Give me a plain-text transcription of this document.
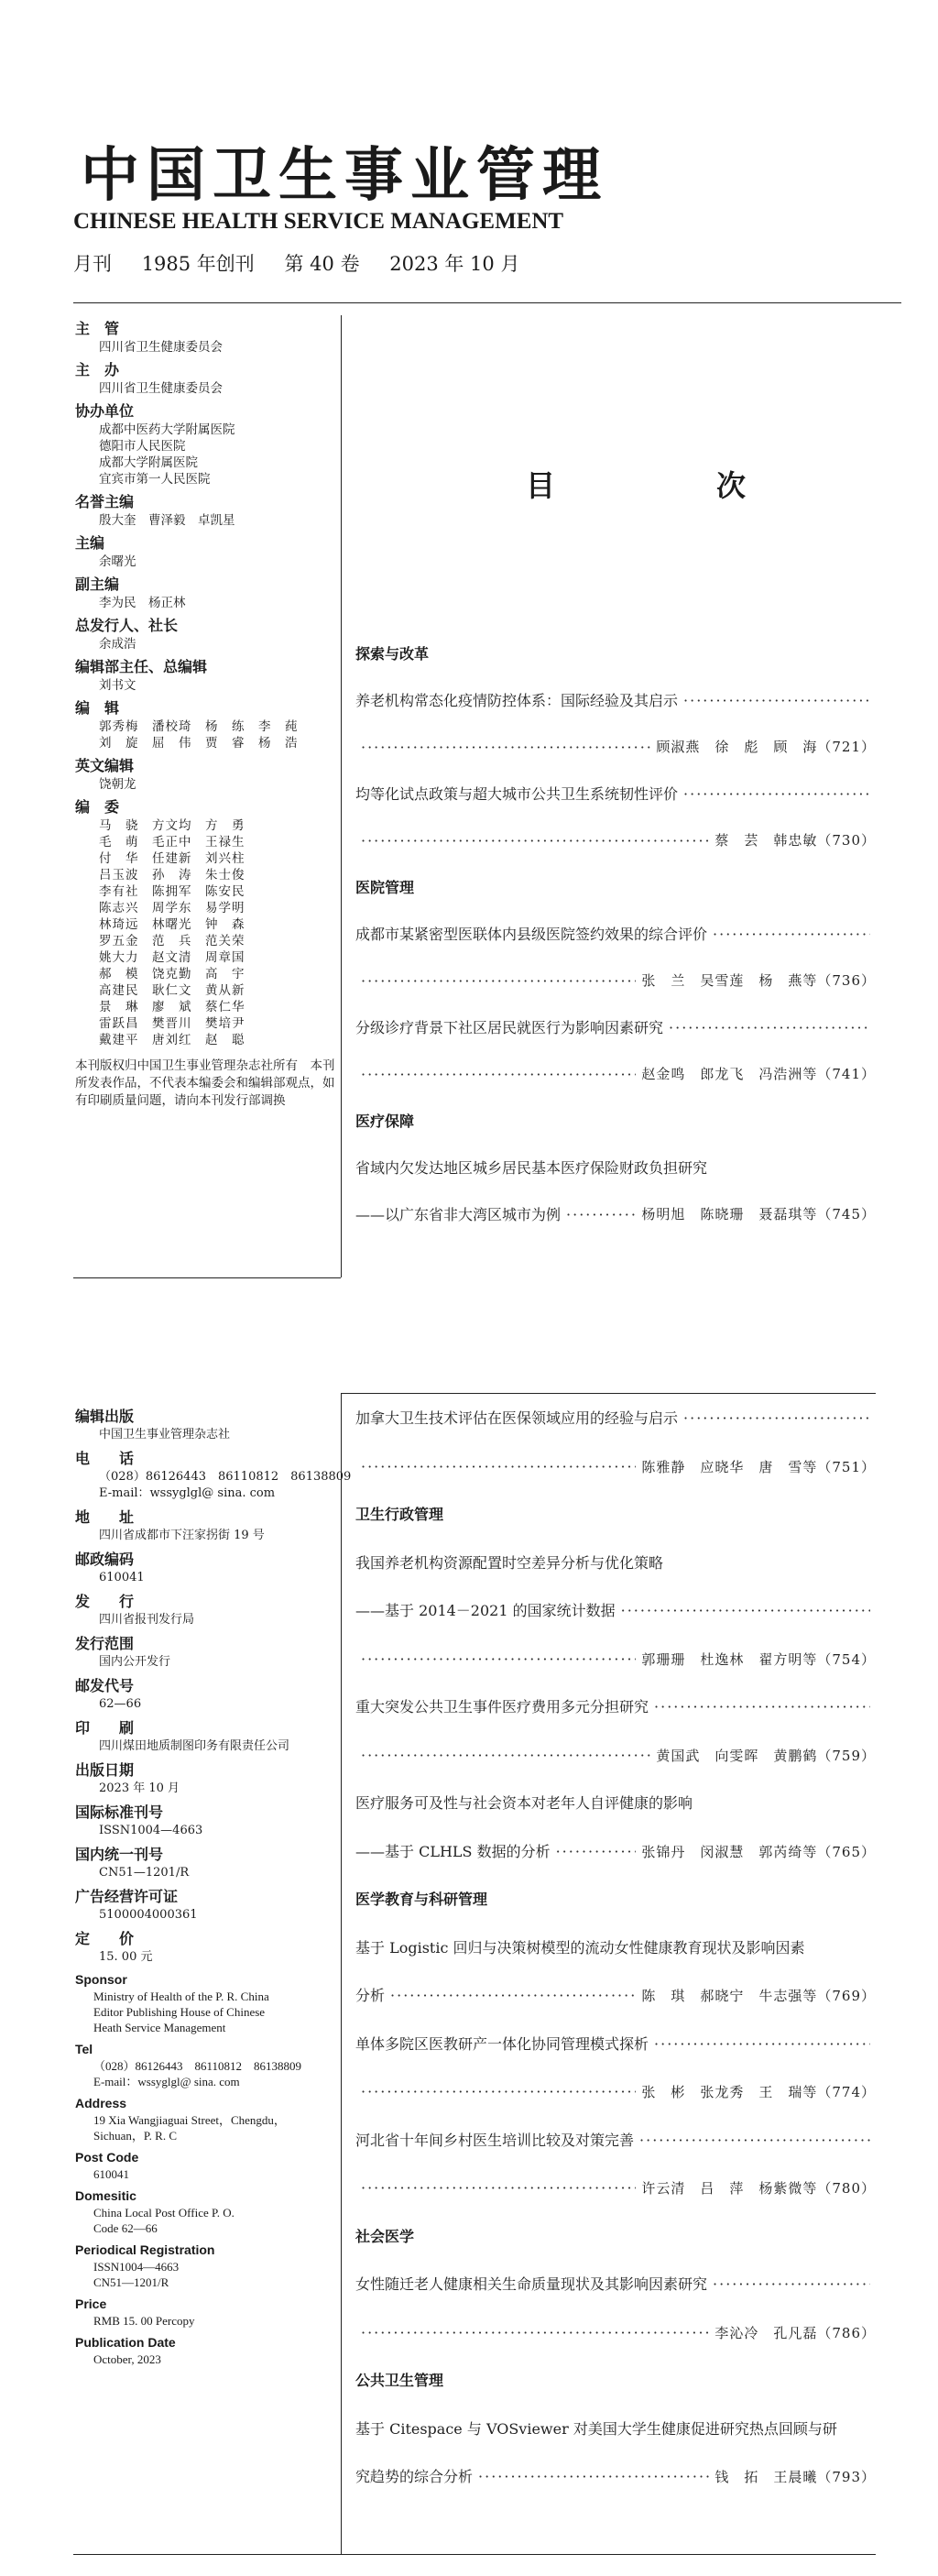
中国卫生事业管理
CHINESE HEALTH SERVICE MANAGEMENT
月刊 1985 年创刊 第 40 卷 2023 年 10 月
主　管
四川省卫生健康委员会
主　办
四川省卫生健康委员会
协办单位
成都中医药大学附属医院
德阳市人民医院
成都大学附属医院
宜宾市第一人民医院
名誉主编
殷大奎　曹泽毅　卓凯星
主编
余曙光
副主编
李为民　杨正林
总发行人、社长
余成浩
编辑部主任、总编辑
刘书文
编　辑
郭秀梅　潘校琦　杨　练　李　莼
刘　旋　屈　伟　贾　睿　杨　浩
英文编辑
饶朝龙
编　委
马　骁　方文均　方　勇
毛　萌　毛正中　王禄生
付　华　任建新　刘兴柱
吕玉波　孙　涛　朱士俊
李有社　陈拥军　陈安民
陈志兴　周学东　易学明
林琦远　林曙光　钟　森
罗五金　范　兵　范关荣
姚大力　赵文清　周章国
郝　模　饶克勤　高　宇
高建民　耿仁文　黄从新
景　琳　廖　斌　蔡仁华
雷跃昌　樊晋川　樊培尹
戴建平　唐刘红　赵　聪
本刊版权归中国卫生事业管理杂志社所有　本刊所发表作品，不代表本编委会和编辑部观点，如有印刷质量问题，请向本刊发行部调换
目　次
探索与改革
养老机构常态化疫情防控体系：国际经验及其启示
·····
·····
顾淑燕　徐　彪　顾　海（721）
均等化试点政策与超大城市公共卫生系统韧性评价
·····
·····
蔡　芸　韩忠敏（730）
医院管理
成都市某紧密型医联体内县级医院签约效果的综合评价
·····
·····
张　兰　吴雪莲　杨　燕等（736）
分级诊疗背景下社区居民就医行为影响因素研究
·····
·····
赵金鸣　郎龙飞　冯浩洲等（741）
医疗保障
省域内欠发达地区城乡居民基本医疗保险财政负担研究
——以广东省非大湾区城市为例 ·····	杨明旭　陈晓珊　聂磊琪等（745）
编辑出版
中国卫生事业管理杂志社
电　　话
（028）86126443　86110812　86138809
E-mail：wssyglgl@ sina. com
地　　址
四川省成都市下汪家拐街 19 号
邮政编码
610041
发　　行
四川省报刊发行局
发行范围
国内公开发行
邮发代号
62—66
印　　刷
四川煤田地质制图印务有限责任公司
出版日期
2023 年 10 月
国际标准刊号
ISSN1004—4663
国内统一刊号
CN51—1201/R
广告经营许可证
5100004000361
定　　价
15. 00 元
Sponsor
Ministry of Health of the P. R. China
Editor Publishing House of Chinese
Heath Service Management
Tel
（028）86126443　86110812　86138809
E-mail：wssyglgl@ sina. com
Address
19 Xia Wangjiaguai Street，Chengdu，
Sichuan，P. R. C
Post Code
610041
Domesitic
China Local Post Office P. O.
Code 62—66
Periodical Registration
ISSN1004—4663
CN51—1201/R
Price
RMB 15. 00 Percopy
Publication Date
October, 2023
加拿大卫生技术评估在医保领域应用的经验与启示
·····
·····
陈雅静　应晓华　唐　雪等（751）
卫生行政管理
我国养老机构资源配置时空差异分析与优化策略
——基于 2014－2021 的国家统计数据
·····
·····
郭珊珊　杜逸林　翟方明等（754）
重大突发公共卫生事件医疗费用多元分担研究
·····
·····
黄国武　向雯晖　黄鹏鹤（759）
医疗服务可及性与社会资本对老年人自评健康的影响
——基于 CLHLS 数据的分析 ·····	张锦丹　闵淑慧　郭芮绮等（765）
医学教育与科研管理
基于 Logistic 回归与决策树模型的流动女性健康教育现状及影响因素
分析 ·····	陈　琪　郝晓宁　牛志强等（769）
单体多院区医教研产一体化协同管理模式探析
·····
·····
张　彬　张龙秀　王　瑞等（774）
河北省十年间乡村医生培训比较及对策完善
·····
·····
许云清　吕　萍　杨紫微等（780）
社会医学
女性随迁老人健康相关生命质量现状及其影响因素研究
·····
·····
李沁冷　孔凡磊（786）
公共卫生管理
基于 Citespace 与 VOSviewer 对美国大学生健康促进研究热点回顾与研
究趋势的综合分析 ·····	钱　拓　王晨曦（793）
